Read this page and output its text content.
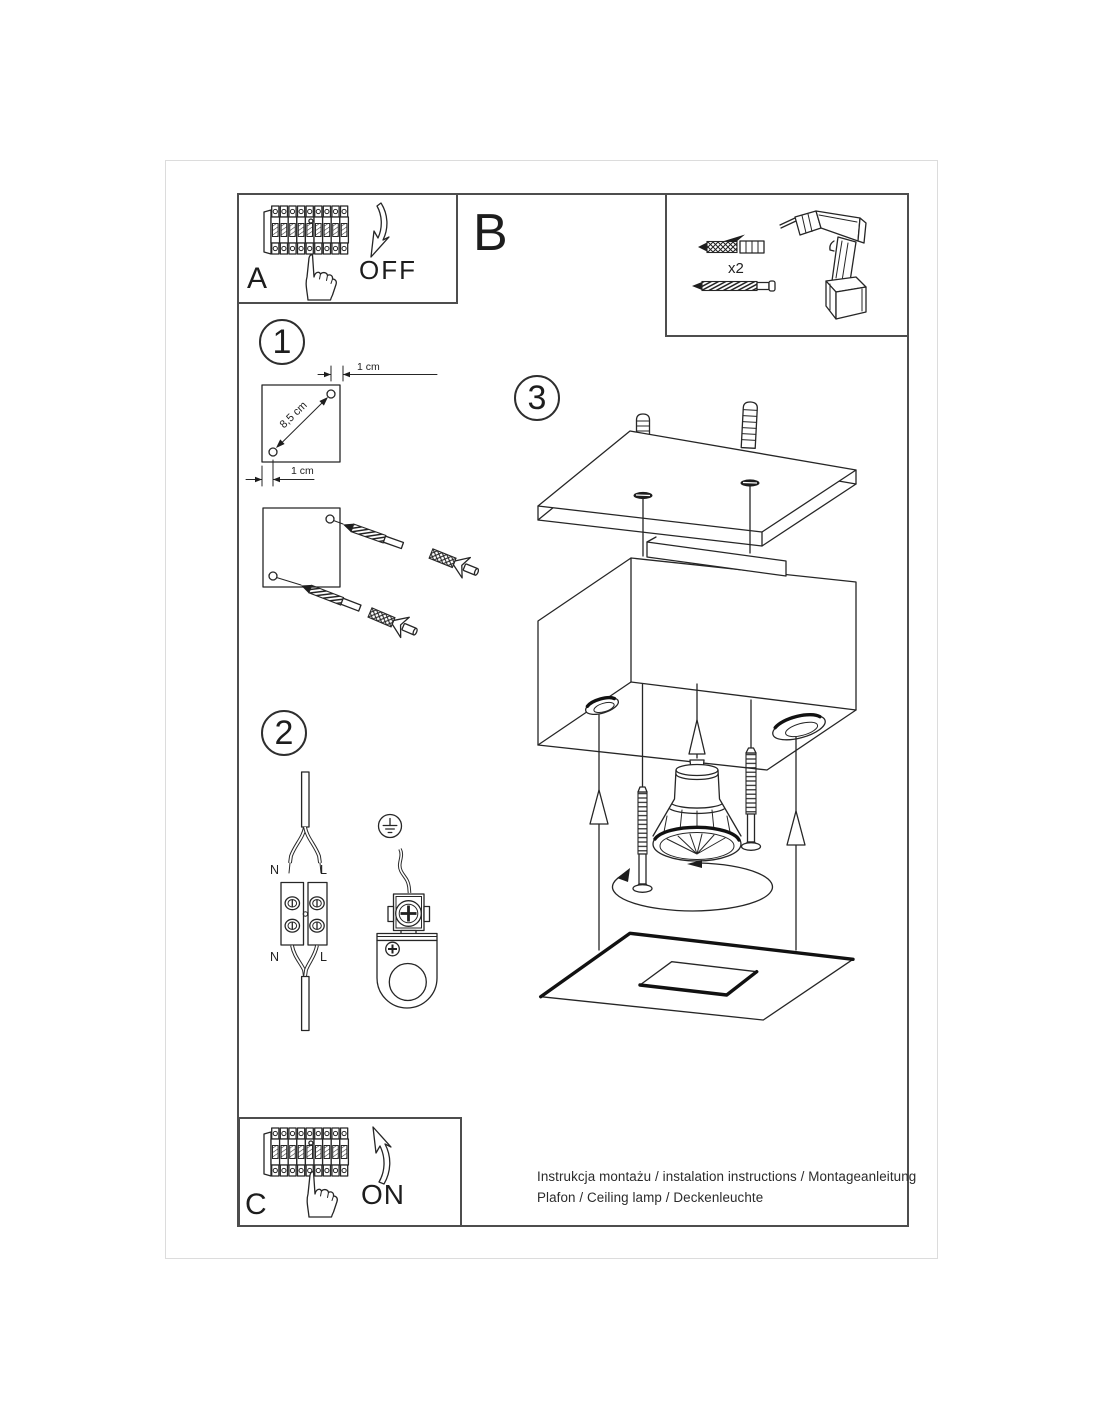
A	OFF
B
C	ON
x2
1
2
3
1 cm
8,5 cm
1 cm
N	L
N	L
Instrukcja montażu / instalation instructions / Montageanleitung
Plafon / Ceiling lamp / Deckenleuchte
